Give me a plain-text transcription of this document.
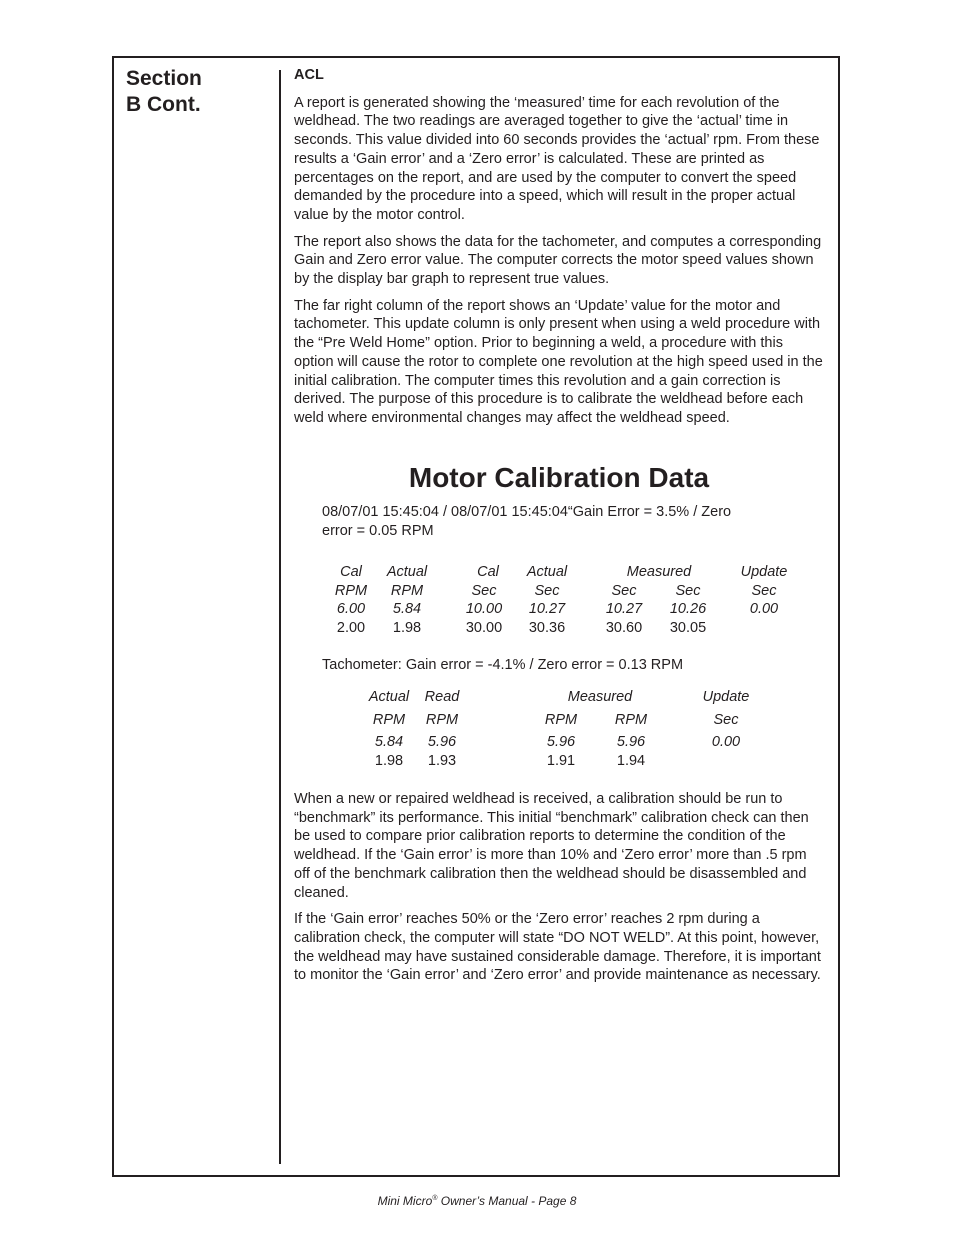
Section
B Cont.
ACL

A report is generated showing the ‘measured’ time for each revolution of the weldhead. The two readings are averaged together to give the ‘actual’ time in seconds. This value divided into 60 seconds provides the ‘actual’ rpm. From these results a ‘Gain error’ and a ‘Zero error’ is calculated. These are printed as percentages on the report, and are used by the computer to convert the speed demanded by the procedure into a speed, which will result in the proper actual value by the motor control.

The report also shows the data for the tachometer, and computes a corresponding Gain and Zero error value. The computer corrects the motor speed values shown by the display bar graph to represent true values.

The far right column of the report shows an ‘Update’ value for the motor and tachometer. This update column is only present when using a weld procedure with the “Pre Weld Home” option. Prior to beginning a weld, a procedure with this option will cause the rotor to complete one revolution at the high speed used in the initial calibration. The computer times this revolution and a gain correction is derived. The purpose of this procedure is to calibrate the weldhead before each weld where environmental changes may affect the weldhead speed.

Motor Calibration Data
08/07/01 15:45:04 / 08/07/01 15:45:04“Gain Error = 3.5% / Zero
error = 0.05 RPM
Cal	Actual	Cal	Actual	Measured	Update
RPM	RPM	Sec	Sec	Sec	Sec	Sec
6.00	5.84	10.00	10.27	10.27	10.26	0.00
2.00	1.98	30.00	30.36	30.60	30.05
Tachometer: Gain error = -4.1% / Zero error = 0.13 RPM
Actual	Read	Measured	Update
RPM	RPM	RPM	RPM	Sec
5.84	5.96	5.96	5.96	0.00
1.98	1.93	1.91	1.94

When a new or repaired weldhead is received, a calibration should be run to “benchmark” its performance. This initial “benchmark” calibration check can then be used to compare prior calibration reports to determine the condition of the weldhead. If the ‘Gain error’ is more than 10% and ‘Zero error’ more than .5 rpm off of the benchmark calibration then the weldhead should be disassembled and cleaned.

If the ‘Gain error’ reaches 50% or the ‘Zero error’ reaches 2 rpm during a calibration check, the computer will state “DO NOT WELD”. At this point, however, the weldhead may have sustained considerable damage. Therefore, it is important to monitor the ‘Gain error’ and ‘Zero error’ and provide maintenance as necessary.

Mini Micro® Owner’s Manual - Page 8
